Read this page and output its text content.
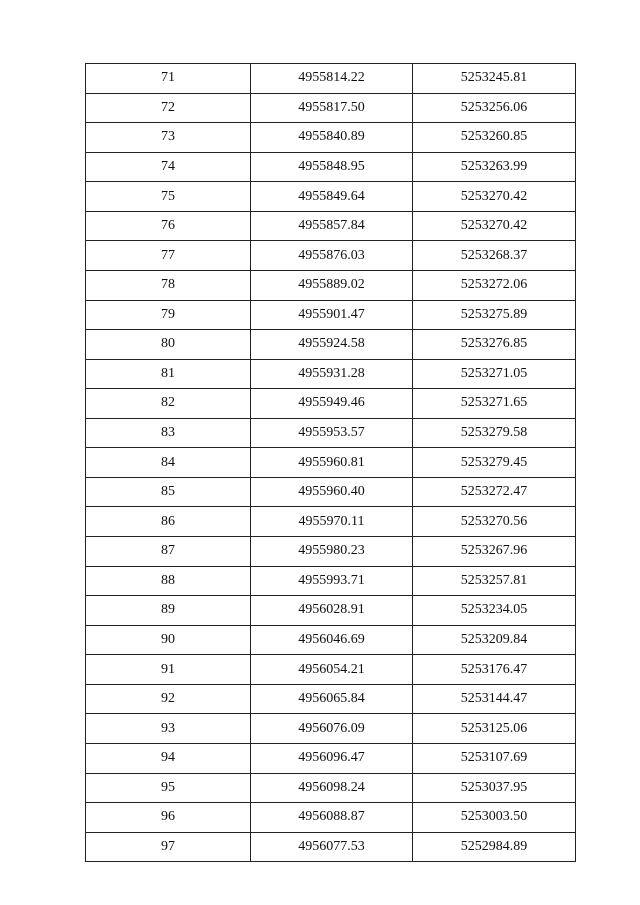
71	4955814.22	5253245.81
72	4955817.50	5253256.06
73	4955840.89	5253260.85
74	4955848.95	5253263.99
75	4955849.64	5253270.42
76	4955857.84	5253270.42
77	4955876.03	5253268.37
78	4955889.02	5253272.06
79	4955901.47	5253275.89
80	4955924.58	5253276.85
81	4955931.28	5253271.05
82	4955949.46	5253271.65
83	4955953.57	5253279.58
84	4955960.81	5253279.45
85	4955960.40	5253272.47
86	4955970.11	5253270.56
87	4955980.23	5253267.96
88	4955993.71	5253257.81
89	4956028.91	5253234.05
90	4956046.69	5253209.84
91	4956054.21	5253176.47
92	4956065.84	5253144.47
93	4956076.09	5253125.06
94	4956096.47	5253107.69
95	4956098.24	5253037.95
96	4956088.87	5253003.50
97	4956077.53	5252984.89
